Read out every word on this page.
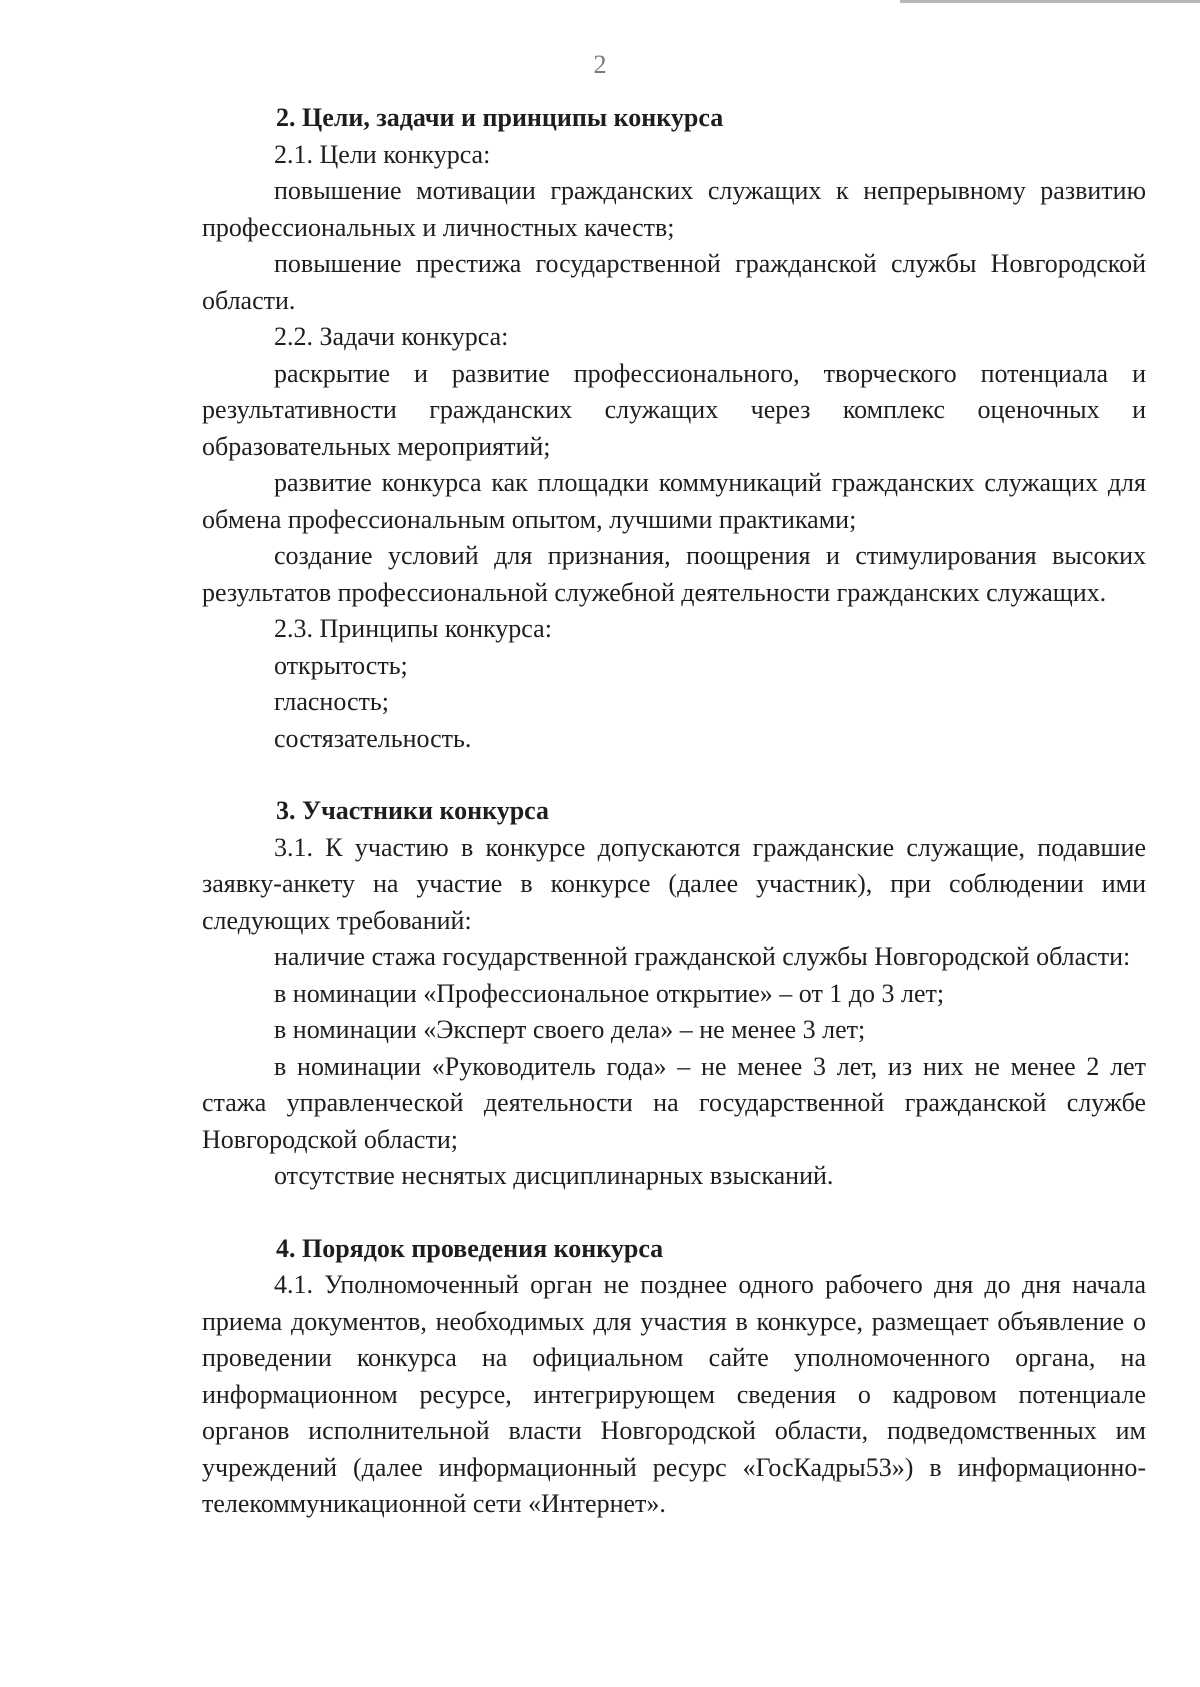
2

2. Цели, задачи и принципы конкурса

2.1. Цели конкурса:

повышение мотивации гражданских служащих к непрерывному развитию профессиональных и личностных качеств;

повышение престижа государственной гражданской службы Новгородской области.

2.2. Задачи конкурса:

раскрытие и развитие профессионального, творческого потенциала и результативности гражданских служащих через комплекс оценочных и образовательных мероприятий;

развитие конкурса как площадки коммуникаций гражданских служащих для обмена профессиональным опытом, лучшими практиками;

создание условий для признания, поощрения и стимулирования высоких результатов профессиональной служебной деятельности гражданских служащих.

2.3. Принципы конкурса:

открытость;

гласность;

состязательность.

3. Участники конкурса

3.1. К участию в конкурсе допускаются гражданские служащие, подавшие заявку-анкету на участие в конкурсе (далее участник), при соблюдении ими следующих требований:

наличие стажа государственной гражданской службы Новгородской области:

в номинации «Профессиональное открытие» – от 1 до 3 лет;

в номинации «Эксперт своего дела» – не менее 3 лет;

в номинации «Руководитель года» – не менее 3 лет, из них не менее 2 лет стажа управленческой деятельности на государственной гражданской службе Новгородской области;

отсутствие неснятых дисциплинарных взысканий.

4. Порядок проведения конкурса

4.1. Уполномоченный орган не позднее одного рабочего дня до дня начала приема документов, необходимых для участия в конкурсе, размещает объявление о проведении конкурса на официальном сайте уполномоченного органа, на информационном ресурсе, интегрирующем сведения о кадровом потенциале органов исполнительной власти Новгородской области, подведомственных им учреждений (далее информационный ресурс «ГосКадры53») в информационно-телекоммуникационной сети «Интернет».
